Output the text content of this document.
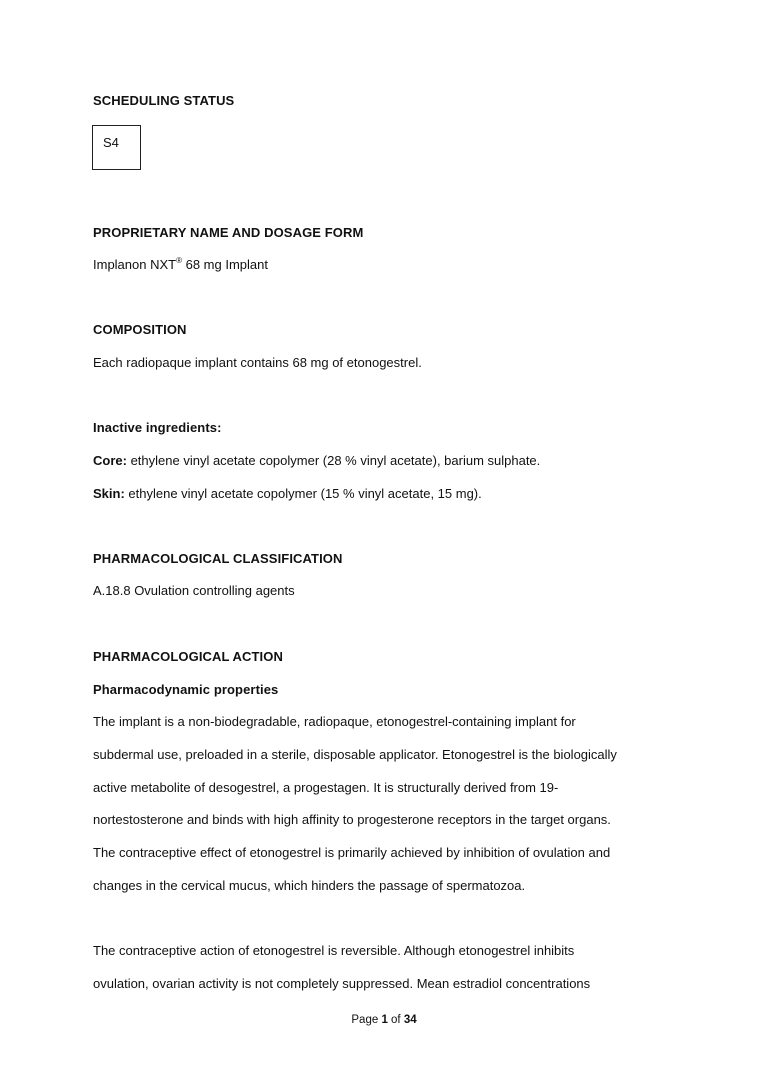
SCHEDULING STATUS
S4
PROPRIETARY NAME AND DOSAGE FORM
Implanon NXT® 68 mg Implant
COMPOSITION
Each radiopaque implant contains 68 mg of etonogestrel.
Inactive ingredients:
Core: ethylene vinyl acetate copolymer (28 % vinyl acetate), barium sulphate.
Skin: ethylene vinyl acetate copolymer (15 % vinyl acetate, 15 mg).
PHARMACOLOGICAL CLASSIFICATION
A.18.8 Ovulation controlling agents
PHARMACOLOGICAL ACTION
Pharmacodynamic properties
The implant is a non-biodegradable, radiopaque, etonogestrel-containing implant for
subdermal use, preloaded in a sterile, disposable applicator. Etonogestrel is the biologically
active metabolite of desogestrel, a progestagen. It is structurally derived from 19-
nortestosterone and binds with high affinity to progesterone receptors in the target organs.
The contraceptive effect of etonogestrel is primarily achieved by inhibition of ovulation and
changes in the cervical mucus, which hinders the passage of spermatozoa.
The contraceptive action of etonogestrel is reversible. Although etonogestrel inhibits
ovulation, ovarian activity is not completely suppressed. Mean estradiol concentrations
Page 1 of 34
